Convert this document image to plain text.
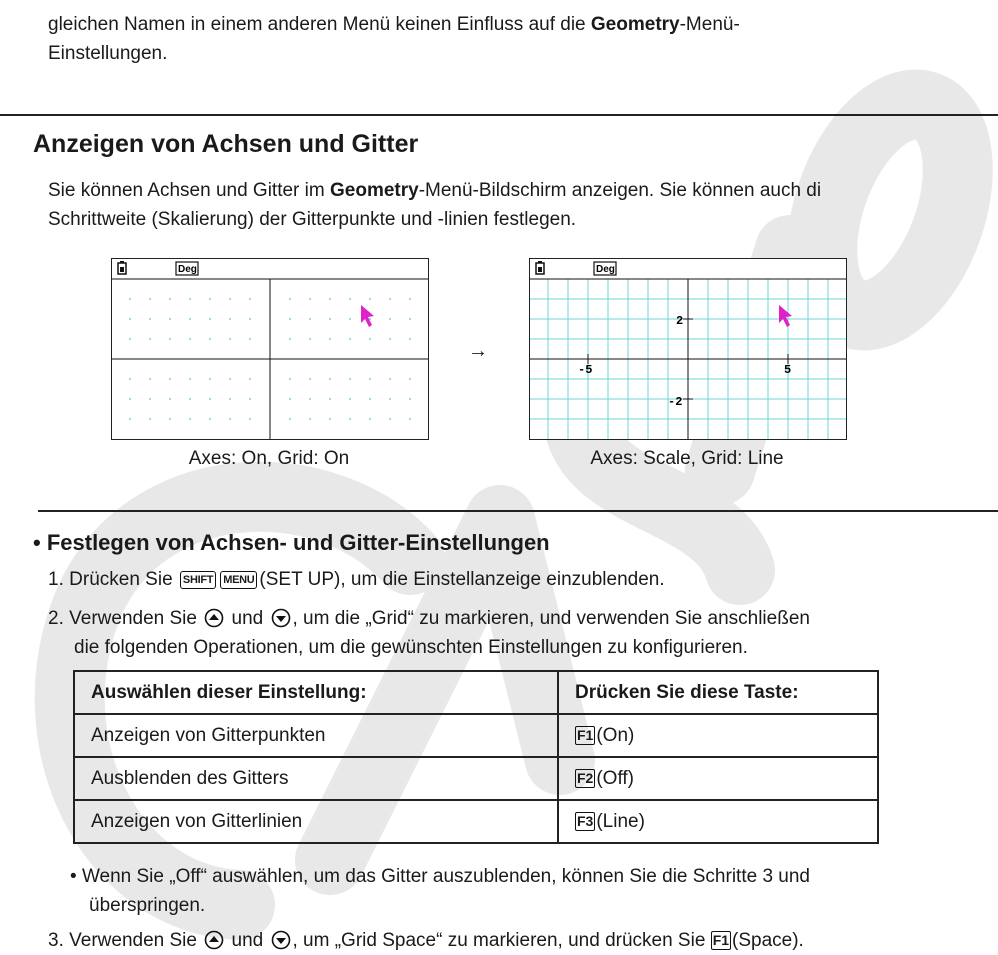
gleichen Namen in einem anderen Menü keinen Einfluss auf die Geometry-Menü-

Einstellungen.

Anzeigen von Achsen und Gitter

Sie können Achsen und Gitter im Geometry-Menü-Bildschirm anzeigen. Sie können auch di

Schrittweite (Skalierung) der Gitterpunkte und -linien festlegen.

Deg
→
Deg
2
-5	5
-2
Axes: On, Grid: On	Axes: Scale, Grid: Line
• Festlegen von Achsen- und Gitter-Einstellungen

1. Drücken Sie SHIFT MENU (SET UP), um die Einstellanzeige einzublenden.

2. Verwenden Sie  und , um die „Grid“ zu markieren, und verwenden Sie anschließen

die folgenden Operationen, um die gewünschten Einstellungen zu konfigurieren.

Auswählen dieser Einstellung:	Drücken Sie diese Taste:
Anzeigen von Gitterpunkten	F1 (On)
Ausblenden des Gitters	F2 (Off)
Anzeigen von Gitterlinien	F3 (Line)

• Wenn Sie „Off“ auswählen, um das Gitter auszublenden, können Sie die Schritte 3 und

überspringen.

3. Verwenden Sie  und , um „Grid Space“ zu markieren, und drücken Sie F1 (Space).
